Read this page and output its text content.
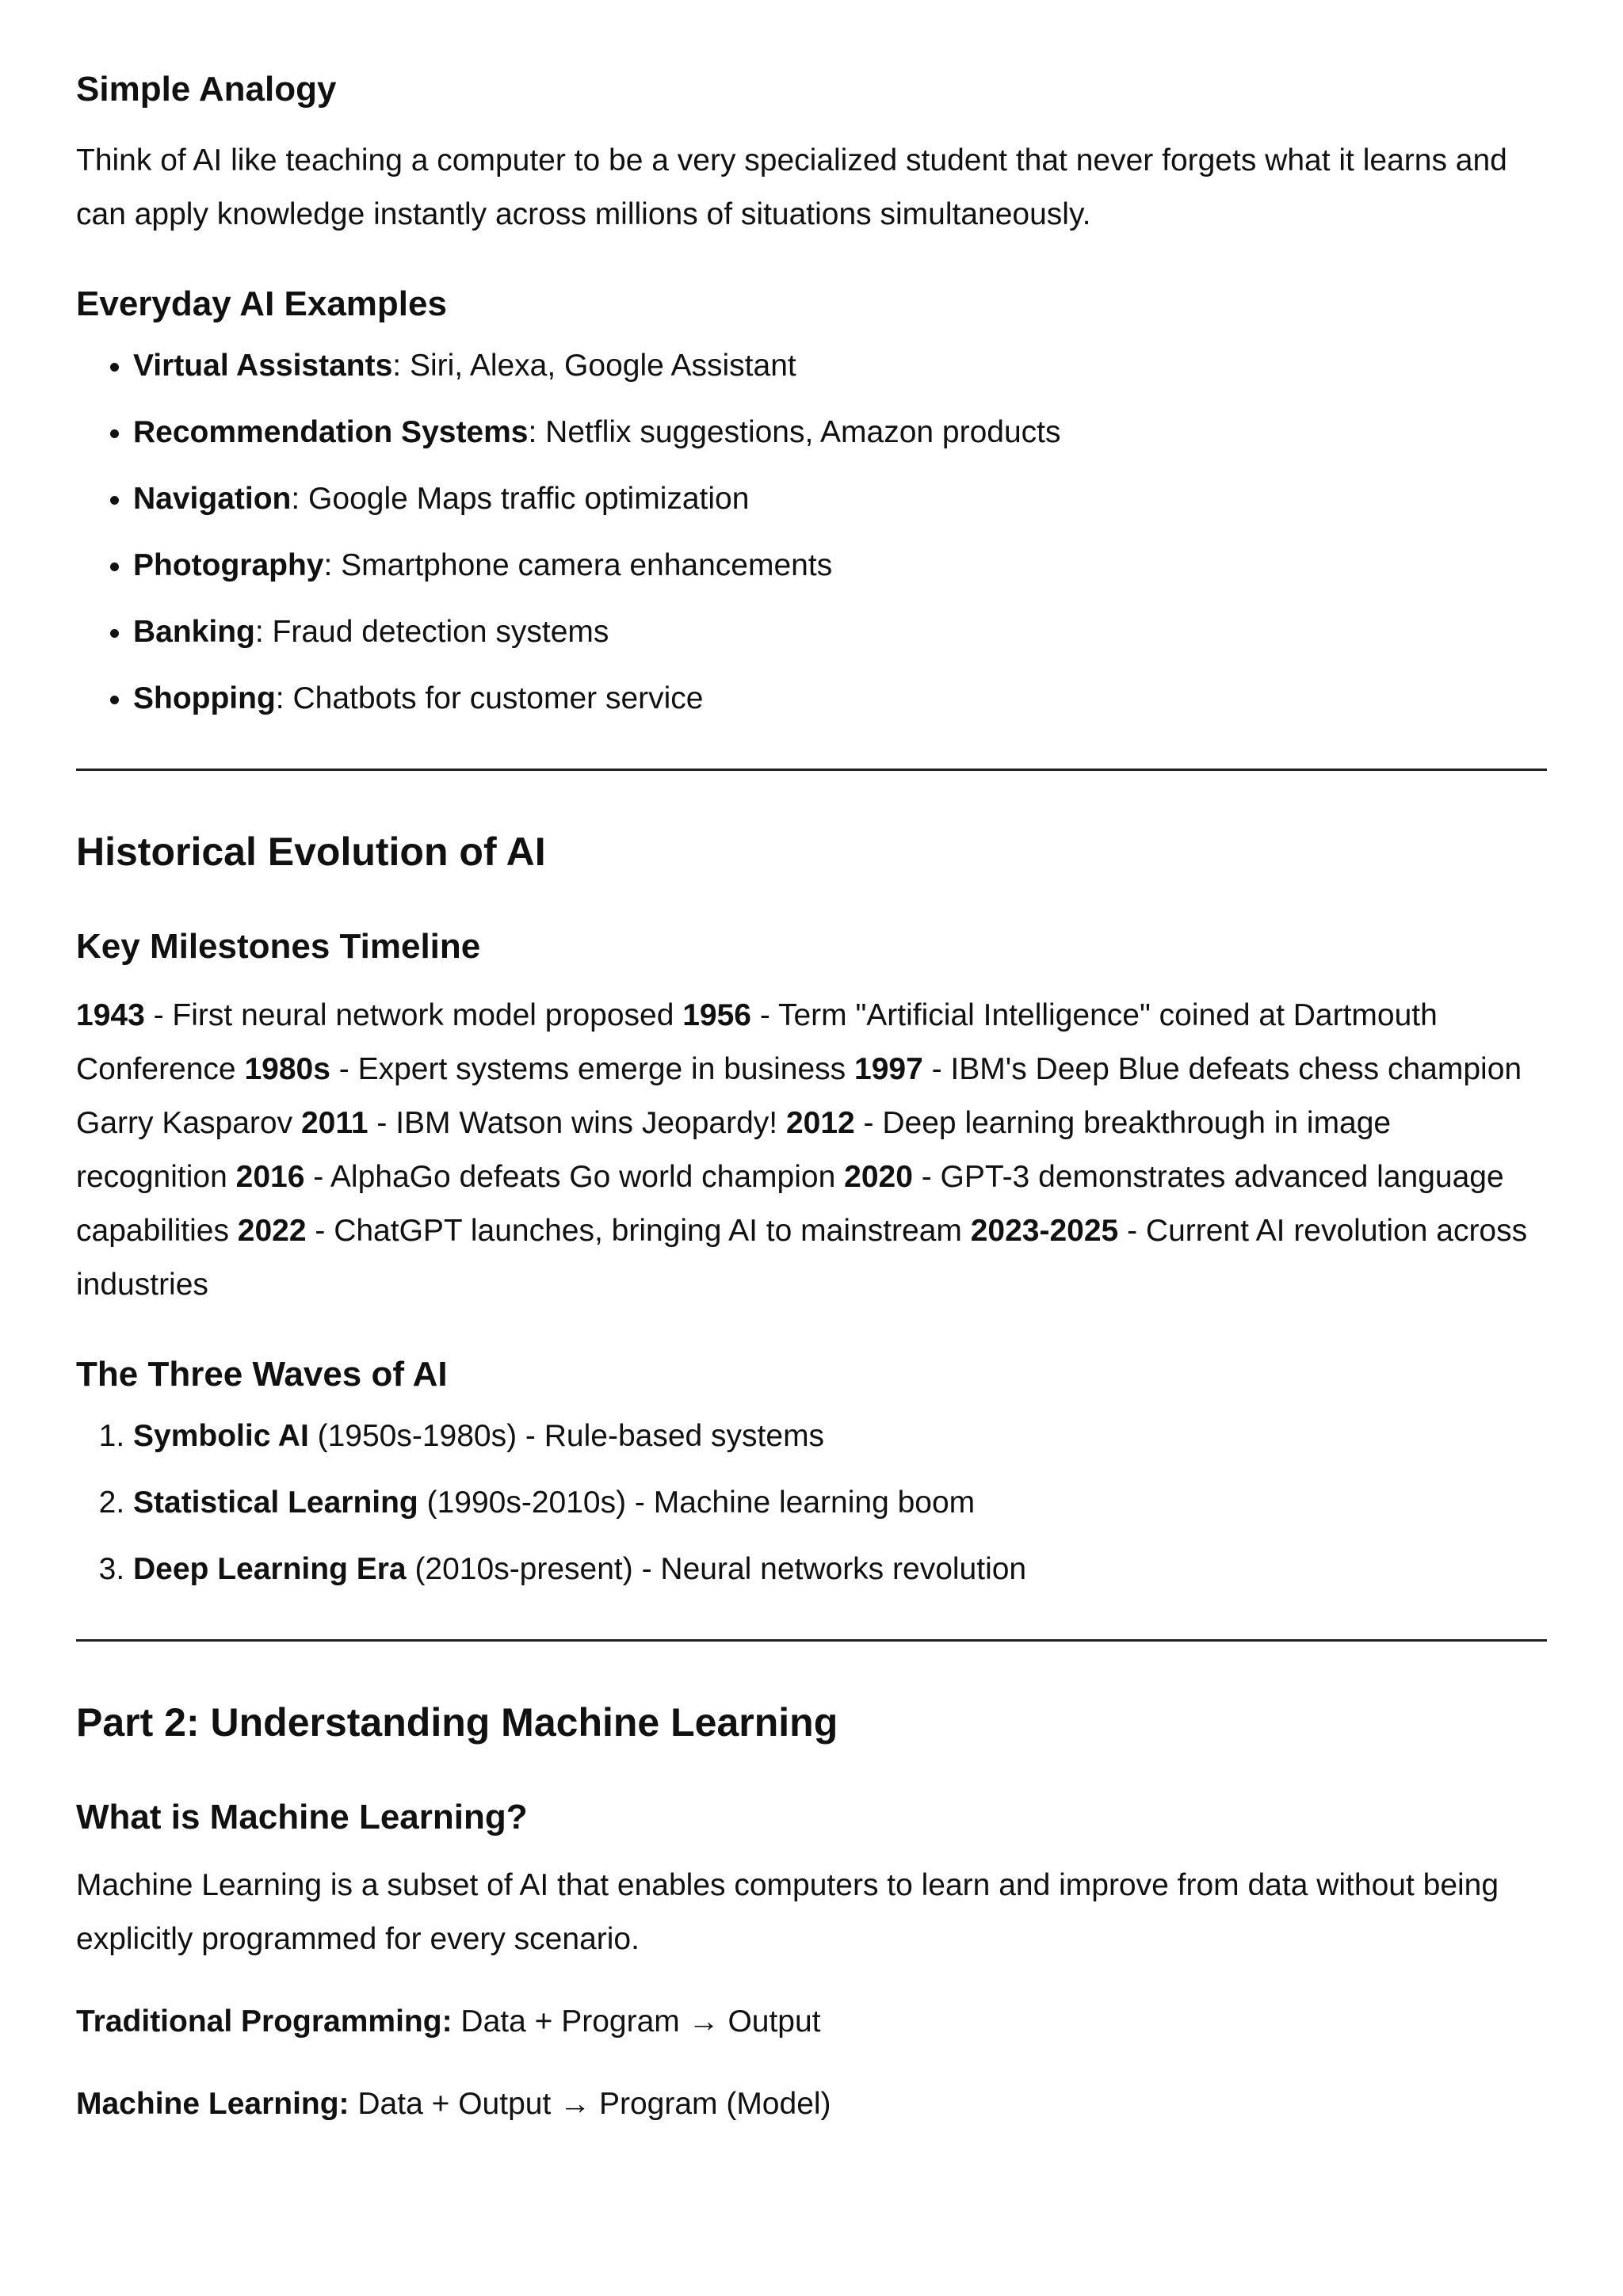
Simple Analogy

Think of AI like teaching a computer to be a very specialized student that never forgets what it learns and can apply knowledge instantly across millions of situations simultaneously.

Everyday AI Examples
• Virtual Assistants: Siri, Alexa, Google Assistant
• Recommendation Systems: Netflix suggestions, Amazon products
• Navigation: Google Maps traffic optimization
• Photography: Smartphone camera enhancements
• Banking: Fraud detection systems
• Shopping: Chatbots for customer service
Historical Evolution of AI
Key Milestones Timeline

1943 - First neural network model proposed 1956 - Term "Artificial Intelligence" coined at Dartmouth Conference 1980s - Expert systems emerge in business 1997 - IBM's Deep Blue defeats chess champion Garry Kasparov 2011 - IBM Watson wins Jeopardy! 2012 - Deep learning breakthrough in image recognition 2016 - AlphaGo defeats Go world champion 2020 - GPT-3 demonstrates advanced language capabilities 2022 - ChatGPT launches, bringing AI to mainstream 2023-2025 - Current AI revolution across industries

The Three Waves of AI
1. Symbolic AI (1950s-1980s) - Rule-based systems
2. Statistical Learning (1990s-2010s) - Machine learning boom
3. Deep Learning Era (2010s-present) - Neural networks revolution
Part 2: Understanding Machine Learning
What is Machine Learning?

Machine Learning is a subset of AI that enables computers to learn and improve from data without being explicitly programmed for every scenario.

Traditional Programming: Data + Program → Output

Machine Learning: Data + Output → Program (Model)
